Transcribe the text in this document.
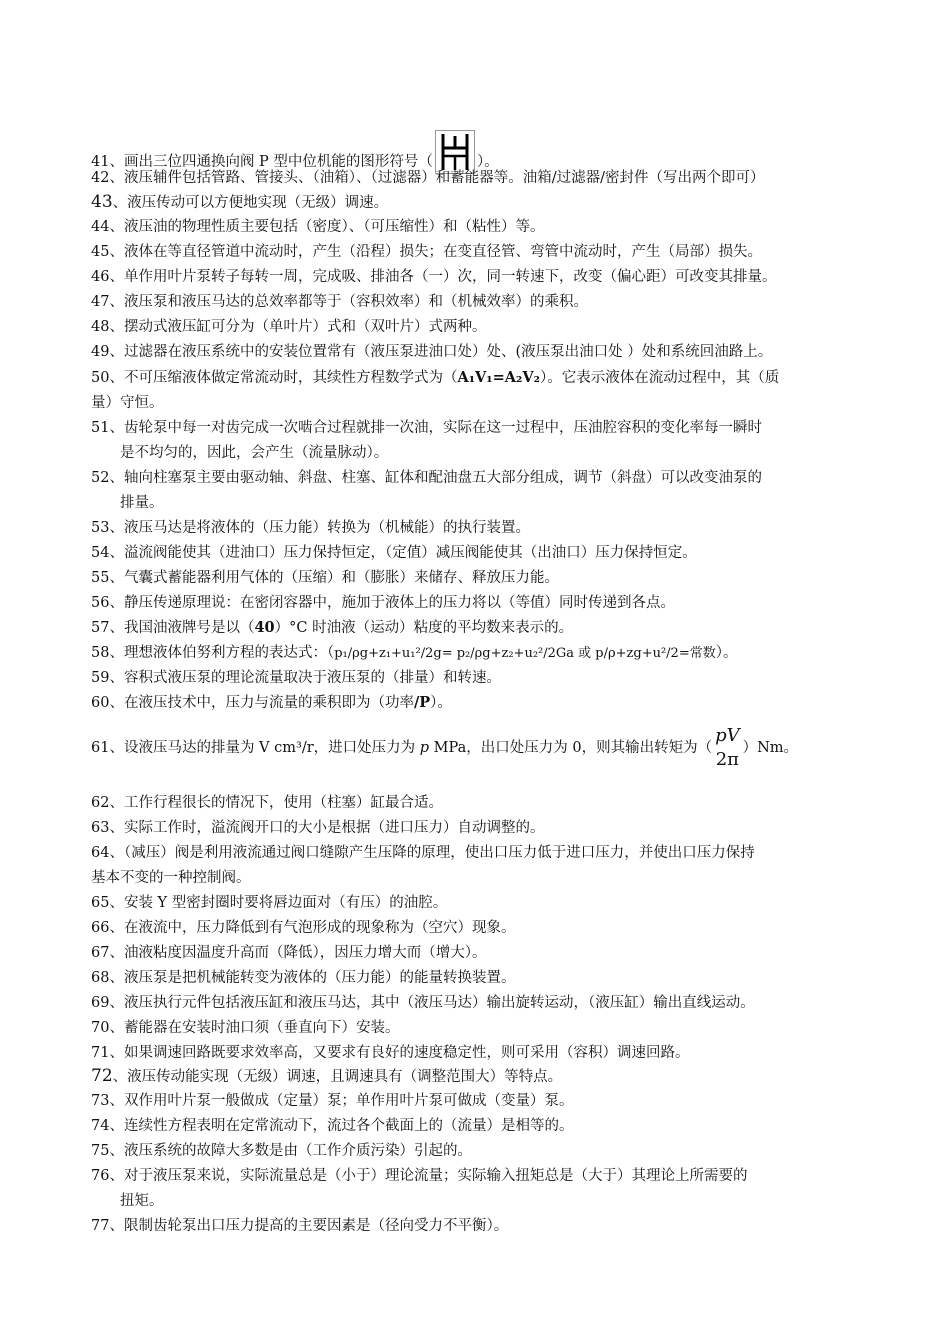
41、画出三位四通换向阀 P 型中位机能的图形符号（	）。
42、液压辅件包括管路、管接头、（油箱）、（过滤器）和蓄能器等。油箱/过滤器/密封件（写出两个即可）
43、液压传动可以方便地实现（无级）调速。
44、液压油的物理性质主要包括（密度）、（可压缩性）和（粘性）等。
45、液体在等直径管道中流动时，产生（沿程）损失；在变直径管、弯管中流动时，产生（局部）损失。
46、单作用叶片泵转子每转一周，完成吸、排油各（一）次，同一转速下，改变（偏心距）可改变其排量。
47、液压泵和液压马达的总效率都等于（容积效率）和（机械效率）的乘积。
48、摆动式液压缸可分为（单叶片）式和（双叶片）式两种。
49、过滤器在液压系统中的安装位置常有（液压泵进油口处）处、(液压泵出油口处 ）处和系统回油路上。
50、不可压缩液体做定常流动时，其续性方程数学式为（A₁V₁=A₂V₂）。它表示液体在流动过程中，其（质
量）守恒。
51、齿轮泵中每一对齿完成一次啮合过程就排一次油，实际在这一过程中，压油腔容积的变化率每一瞬时
是不均匀的，因此，会产生（流量脉动）。
52、轴向柱塞泵主要由驱动轴、斜盘、柱塞、缸体和配油盘五大部分组成，调节（斜盘）可以改变油泵的
排量。
53、液压马达是将液体的（压力能）转换为（机械能）的执行装置。
54、溢流阀能使其（进油口）压力保持恒定，（定值）减压阀能使其（出油口）压力保持恒定。
55、气囊式蓄能器利用气体的（压缩）和（膨胀）来储存、释放压力能。
56、静压传递原理说：在密闭容器中，施加于液体上的压力将以（等值）同时传递到各点。
57、我国油液牌号是以（40）°C 时油液（运动）粘度的平均数来表示的。
58、理想液体伯努利方程的表达式：（p₁/ρg+z₁+u₁²/2g= p₂/ρg+z₂+u₂²/2Ga 或 p/ρ+zg+u²/2=常数）。
59、容积式液压泵的理论流量取决于液压泵的（排量）和转速。
60、在液压技术中，压力与流量的乘积即为（功率/P）。
61、设液压马达的排量为 V cm³/r，进口处压力为 p MPa，出口处压力为 0，则其输出转矩为（
pV
2π
）Nm。
62、工作行程很长的情况下，使用（柱塞）缸最合适。
63、实际工作时，溢流阀开口的大小是根据（进口压力）自动调整的。
64、（减压）阀是利用液流通过阀口缝隙产生压降的原理，使出口压力低于进口压力，并使出口压力保持
基本不变的一种控制阀。
65、安装 Y 型密封圈时要将唇边面对（有压）的油腔。
66、在液流中，压力降低到有气泡形成的现象称为（空穴）现象。
67、油液粘度因温度升高而（降低），因压力增大而（增大）。
68、液压泵是把机械能转变为液体的（压力能）的能量转换装置。
69、液压执行元件包括液压缸和液压马达，其中（液压马达）输出旋转运动，（液压缸）输出直线运动。
70、蓄能器在安装时油口须（垂直向下）安装。
71、如果调速回路既要求效率高，又要求有良好的速度稳定性，则可采用（容积）调速回路。
72、液压传动能实现（无级）调速，且调速具有（调整范围大）等特点。
73、双作用叶片泵一般做成（定量）泵；单作用叶片泵可做成（变量）泵。
74、连续性方程表明在定常流动下，流过各个截面上的（流量）是相等的。
75、液压系统的故障大多数是由（工作介质污染）引起的。
76、对于液压泵来说，实际流量总是（小于）理论流量；实际输入扭矩总是（大于）其理论上所需要的
扭矩。
77、限制齿轮泵出口压力提高的主要因素是（径向受力不平衡）。
